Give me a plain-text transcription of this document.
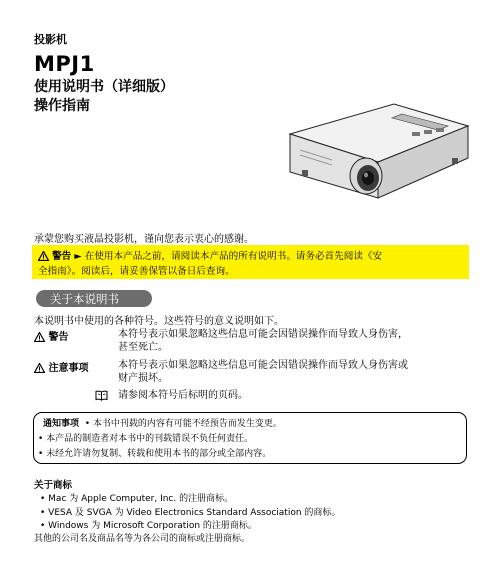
投影机
MPJ1
使用说明书（详细版）
操作指南
承蒙您购买液晶投影机，谨向您表示衷心的感谢。
警告 ► 在使用本产品之前，请阅读本产品的所有说明书。请务必首先阅读《安
全指南》。阅读后，请妥善保管以备日后查询。
关于本说明书
本说明书中使用的各种符号。这些符号的意义说明如下。
警告	本符号表示如果忽略这些信息可能会因错误操作而导致人身伤害，
甚至死亡。
注意事项	本符号表示如果忽略这些信息可能会因错误操作而导致人身伤害或
财产损坏。
请参阅本符号后标明的页码。
通知事项 • 本书中刊载的内容有可能不经预告而发生变更。
• 本产品的制造者对本书中的刊载错误不负任何责任。
• 未经允许请勿复制、转载和使用本书的部分或全部内容。
关于商标
• Mac 为 Apple Computer, Inc. 的注册商标。
• VESA 及 SVGA 为 Video Electronics Standard Association 的商标。
• Windows 为 Microsoft Corporation 的注册商标。
其他的公司名及商品名等为各公司的商标或注册商标。
